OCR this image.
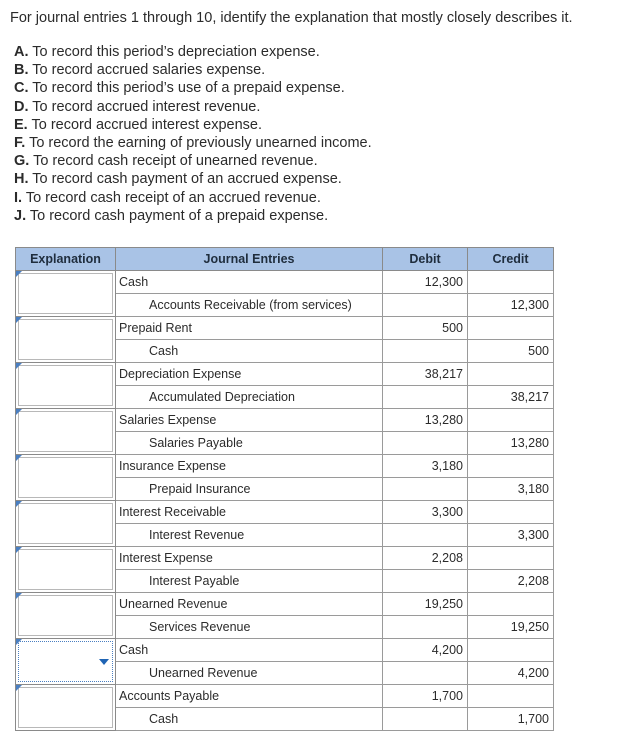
For journal entries 1 through 10, identify the explanation that mostly closely describes it.
A. To record this period’s depreciation expense.
B. To record accrued salaries expense.
C. To record this period’s use of a prepaid expense.
D. To record accrued interest revenue.
E. To record accrued interest expense.
F. To record the earning of previously unearned income.
G. To record cash receipt of unearned revenue.
H. To record cash payment of an accrued expense.
I. To record cash receipt of an accrued revenue.
J. To record cash payment of a prepaid expense.
Explanation	Journal Entries	Debit	Credit

	Cash	12,300	
	Accounts Receivable (from services)		12,300

	Prepaid Rent	500	
	Cash		500

	Depreciation Expense	38,217	
	Accumulated Depreciation		38,217

	Salaries Expense	13,280	
	Salaries Payable		13,280

	Insurance Expense	3,180	
	Prepaid Insurance		3,180

	Interest Receivable	3,300	
	Interest Revenue		3,300

	Interest Expense	2,208	
	Interest Payable		2,208

	Unearned Revenue	19,250	
	Services Revenue		19,250

	Cash	4,200	
	Unearned Revenue		4,200

	Accounts Payable	1,700	
	Cash		1,700
